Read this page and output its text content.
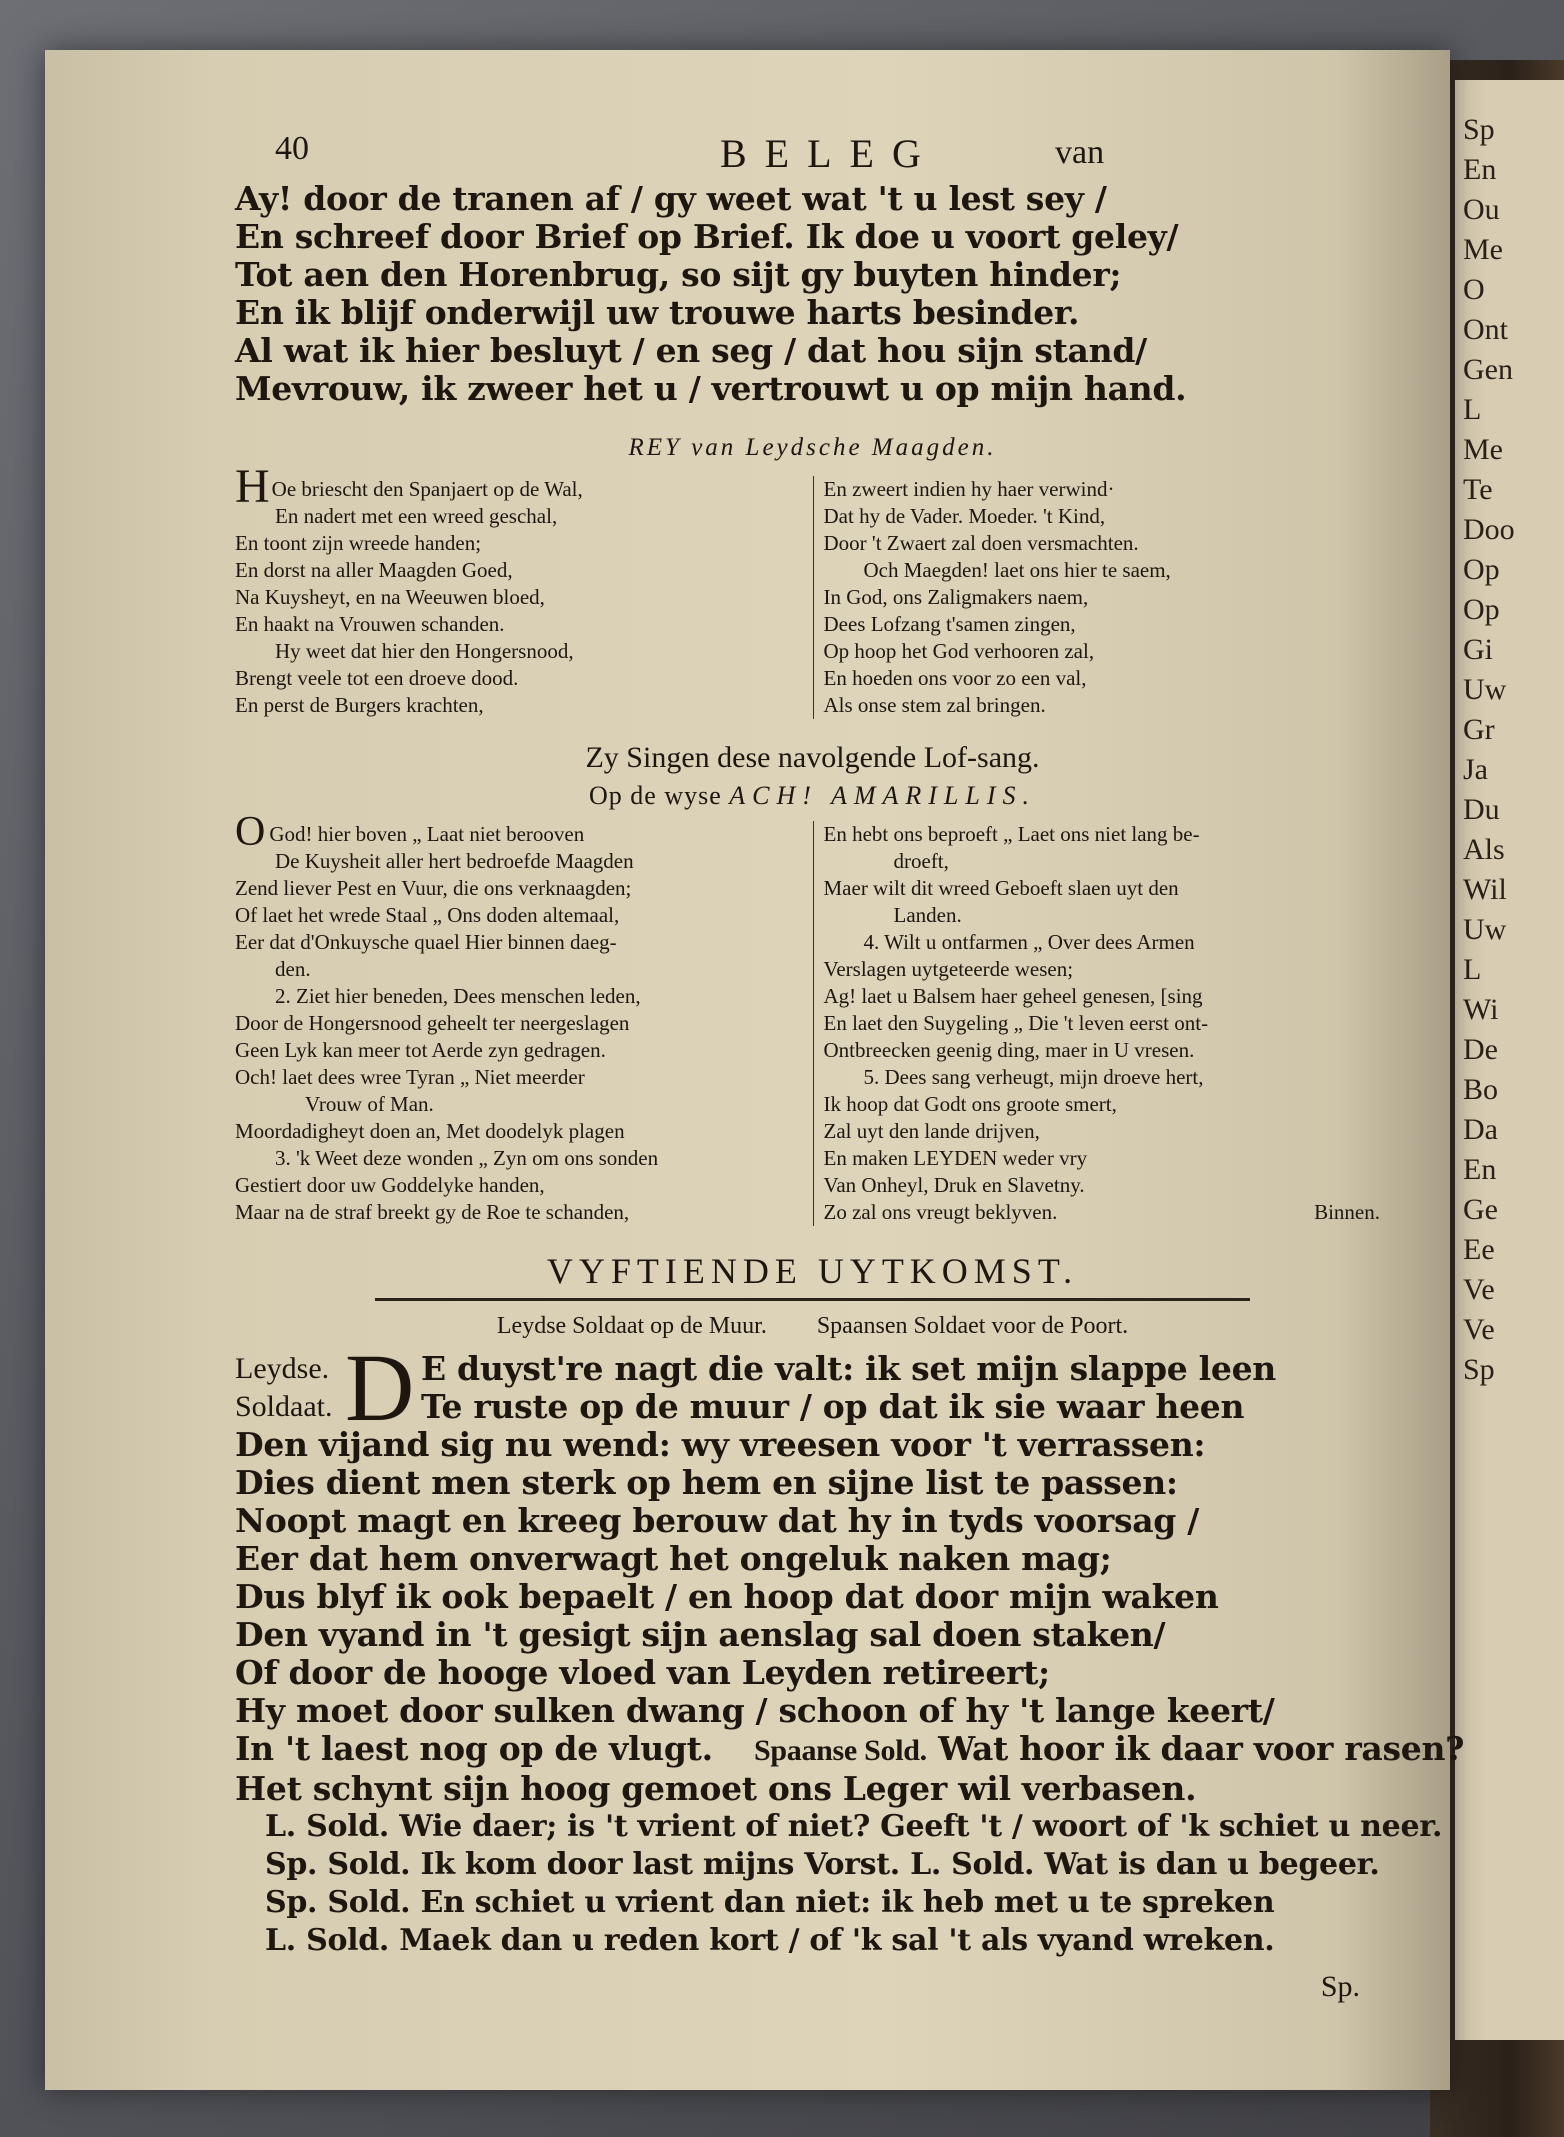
Sp
En
Ou
Me
O
Ont
Gen
L
Me
Te
Doo
Op
Op
Gi
Uw
Gr
Ja
Du
Als
Wil
Uw
L
Wi
De
Bo
Da
En
Ge
Ee
Ve
Ve
Sp
40	BELEG	van
Ay! door de tranen af / gy weet wat 't u lest sey /
En schreef door Brief op Brief. Ik doe u voort geley/
Tot aen den Horenbrug, so sijt gy buyten hinder;
En ik blijf onderwijl uw trouwe harts besinder.
Al wat ik hier besluyt / en seg / dat hou sijn stand/
Mevrouw, ik zweer het u / vertrouwt u op mijn hand.
REY van Leydsche Maagden.
HOe briescht den Spanjaert op de Wal,
En nadert met een wreed geschal,
En toont zijn wreede handen;
En dorst na aller Maagden Goed,
Na Kuysheyt, en na Weeuwen bloed,
En haakt na Vrouwen schanden.
Hy weet dat hier den Hongersnood,
Brengt veele tot een droeve dood.
En perst de Burgers krachten,
En zweert indien hy haer verwind·
Dat hy de Vader. Moeder. 't Kind,
Door 't Zwaert zal doen versmachten.
Och Maegden! laet ons hier te saem,
In God, ons Zaligmakers naem,
Dees Lofzang t'samen zingen,
Op hoop het God verhooren zal,
En hoeden ons voor zo een val,
Als onse stem zal bringen.
Zy Singen dese navolgende Lof-sang.
Op de wyse ACH! AMARILLIS.
O God! hier boven „ Laat niet berooven
De Kuysheit aller hert bedroefde Maagden
Zend liever Pest en Vuur, die ons verknaagden;
Of laet het wrede Staal „ Ons doden altemaal,
Eer dat d'Onkuysche quael Hier binnen daeg-
den.
2. Ziet hier beneden, Dees menschen leden,
Door de Hongersnood geheelt ter neergeslagen
Geen Lyk kan meer tot Aerde zyn gedragen.
Och! laet dees wree Tyran „ Niet meerder
Vrouw of Man.
Moordadigheyt doen an, Met doodelyk plagen
3. 'k Weet deze wonden „ Zyn om ons sonden
Gestiert door uw Goddelyke handen,
Maar na de straf breekt gy de Roe te schanden,
En hebt ons beproeft „ Laet ons niet lang be-
droeft,
Maer wilt dit wreed Geboeft slaen uyt den
Landen.
4. Wilt u ontfarmen „ Over dees Armen
Verslagen uytgeteerde wesen;
Ag! laet u Balsem haer geheel genesen, [sing
En laet den Suygeling „ Die 't leven eerst ont-
Ontbreecken geenig ding, maer in U vresen.
5. Dees sang verheugt, mijn droeve hert,
Ik hoop dat Godt ons groote smert,
Zal uyt den lande drijven,
En maken LEYDEN weder vry
Van Onheyl, Druk en Slavetny.
Zo zal ons vreugt beklyven.	Binnen.
VYFTIENDE UYTKOMST.
Leydse Soldaat op de Muur. Spaansen Soldaet voor de Poort.
Leydse.
Soldaat. D E duyst're nagt die valt: ik set mijn slappe leen
Te ruste op de muur / op dat ik sie waar heen
Den vijand sig nu wend: wy vreesen voor 't verrassen:
Dies dient men sterk op hem en sijne list te passen:
Noopt magt en kreeg berouw dat hy in tyds voorsag /
Eer dat hem onverwagt het ongeluk naken mag;
Dus blyf ik ook bepaelt / en hoop dat door mijn waken
Den vyand in 't gesigt sijn aenslag sal doen staken/
Of door de hooge vloed van Leyden retireert;
Hy moet door sulken dwang / schoon of hy 't lange keert/
In 't laest nog op de vlugt. Spaanse Sold. Wat hoor ik daar voor rasen?
Het schynt sijn hoog gemoet ons Leger wil verbasen.
L. Sold. Wie daer; is 't vrient of niet? Geeft 't / woort of 'k schiet u neer.
Sp. Sold. Ik kom door last mijns Vorst. L. Sold. Wat is dan u begeer.
Sp. Sold. En schiet u vrient dan niet: ik heb met u te spreken
L. Sold. Maek dan u reden kort / of 'k sal 't als vyand wreken.
Sp.
